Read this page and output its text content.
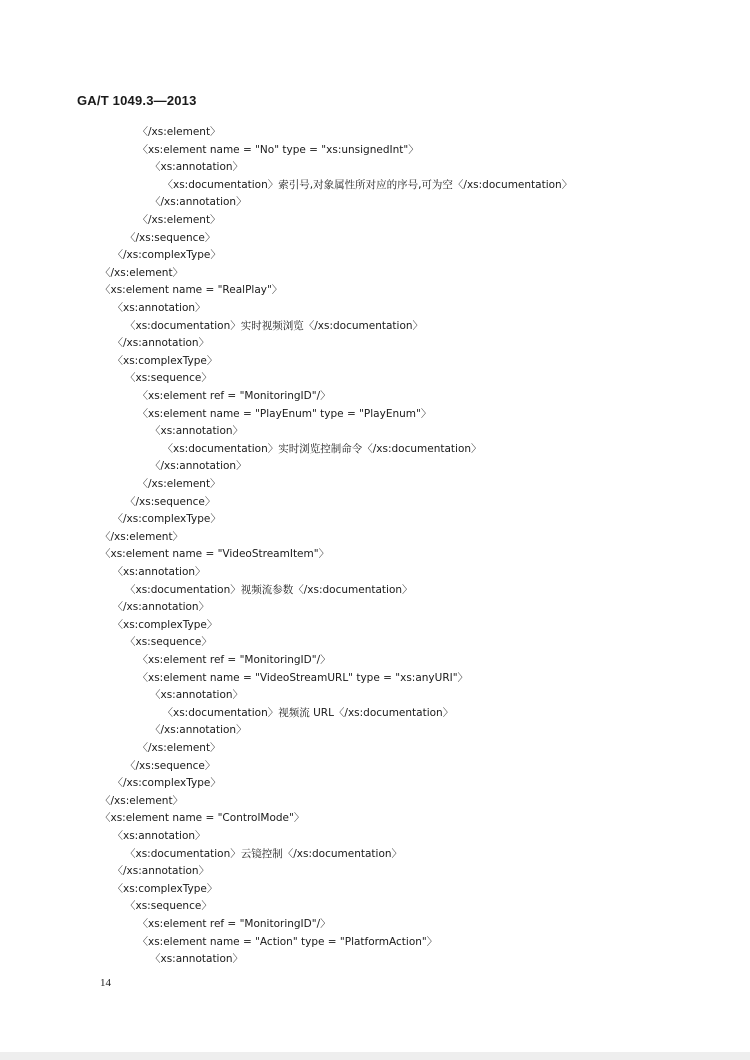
GA/T 1049.3—2013
〈/xs:element〉
〈xs:element name = "No" type = "xs:unsignedInt"〉
〈xs:annotation〉
〈xs:documentation〉索引号,对象属性所对应的序号,可为空〈/xs:documentation〉
〈/xs:annotation〉
〈/xs:element〉
〈/xs:sequence〉
〈/xs:complexType〉
〈/xs:element〉
〈xs:element name = "RealPlay"〉
〈xs:annotation〉
〈xs:documentation〉实时视频浏览〈/xs:documentation〉
〈/xs:annotation〉
〈xs:complexType〉
〈xs:sequence〉
〈xs:element ref = "MonitoringID"/〉
〈xs:element name = "PlayEnum" type = "PlayEnum"〉
〈xs:annotation〉
〈xs:documentation〉实时浏览控制命令〈/xs:documentation〉
〈/xs:annotation〉
〈/xs:element〉
〈/xs:sequence〉
〈/xs:complexType〉
〈/xs:element〉
〈xs:element name = "VideoStreamItem"〉
〈xs:annotation〉
〈xs:documentation〉视频流参数〈/xs:documentation〉
〈/xs:annotation〉
〈xs:complexType〉
〈xs:sequence〉
〈xs:element ref = "MonitoringID"/〉
〈xs:element name = "VideoStreamURL" type = "xs:anyURI"〉
〈xs:annotation〉
〈xs:documentation〉视频流 URL〈/xs:documentation〉
〈/xs:annotation〉
〈/xs:element〉
〈/xs:sequence〉
〈/xs:complexType〉
〈/xs:element〉
〈xs:element name = "ControlMode"〉
〈xs:annotation〉
〈xs:documentation〉云镜控制〈/xs:documentation〉
〈/xs:annotation〉
〈xs:complexType〉
〈xs:sequence〉
〈xs:element ref = "MonitoringID"/〉
〈xs:element name = "Action" type = "PlatformAction"〉
〈xs:annotation〉
14
